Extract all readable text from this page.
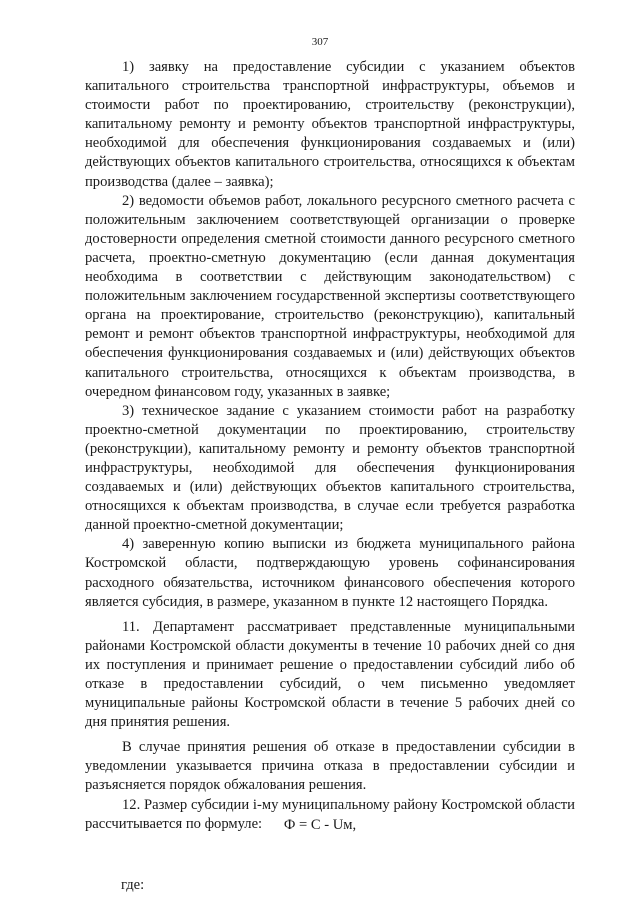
307

1) заявку на предоставление субсидии с указанием объектов капитального строительства транспортной инфраструктуры, объемов и стоимости работ по проектированию, строительству (реконструкции), капитальному ремонту и ремонту объектов транспортной инфраструктуры, необходимой для обеспечения функционирования создаваемых и (или) действующих объектов капитального строительства, относящихся к объектам производства (далее – заявка);

2) ведомости объемов работ, локального ресурсного сметного расчета с положительным заключением соответствующей организации о проверке достоверности определения сметной стоимости данного ресурсного сметного расчета, проектно-сметную документацию (если данная документация необходима в соответствии с действующим законодательством) с положительным заключением государственной экспертизы соответствующего органа на проектирование, строительство (реконструкцию), капитальный ремонт и ремонт объектов транспортной инфраструктуры, необходимой для обеспечения функционирования создаваемых и (или) действующих объектов капитального строительства, относящихся к объектам производства, в очередном финансовом году, указанных в заявке;

3) техническое задание с указанием стоимости работ на разработку проектно-сметной документации по проектированию, строительству (реконструкции), капитальному ремонту и ремонту объектов транспортной инфраструктуры, необходимой для обеспечения функционирования создаваемых и (или) действующих объектов капитального строительства, относящихся к объектам производства, в случае если требуется разработка данной проектно-сметной документации;

4) заверенную копию выписки из бюджета муниципального района Костромской области, подтверждающую уровень софинансирования расходного обязательства, источником финансового обеспечения которого является субсидия, в размере, указанном в пункте 12 настоящего Порядка.

11. Департамент рассматривает представленные муниципальными районами Костромской области документы в течение 10 рабочих дней со дня их поступления и принимает решение о предоставлении субсидий либо об отказе в предоставлении субсидий, о чем письменно уведомляет муниципальные районы Костромской области в течение 5 рабочих дней со дня принятия решения.

В случае принятия решения об отказе в предоставлении субсидии в уведомлении указывается причина отказа в предоставлении субсидии и разъясняется порядок обжалования решения.

12. Размер субсидии i-му муниципальному району Костромской области рассчитывается по формуле:	Ф = С - Uм,
где:
